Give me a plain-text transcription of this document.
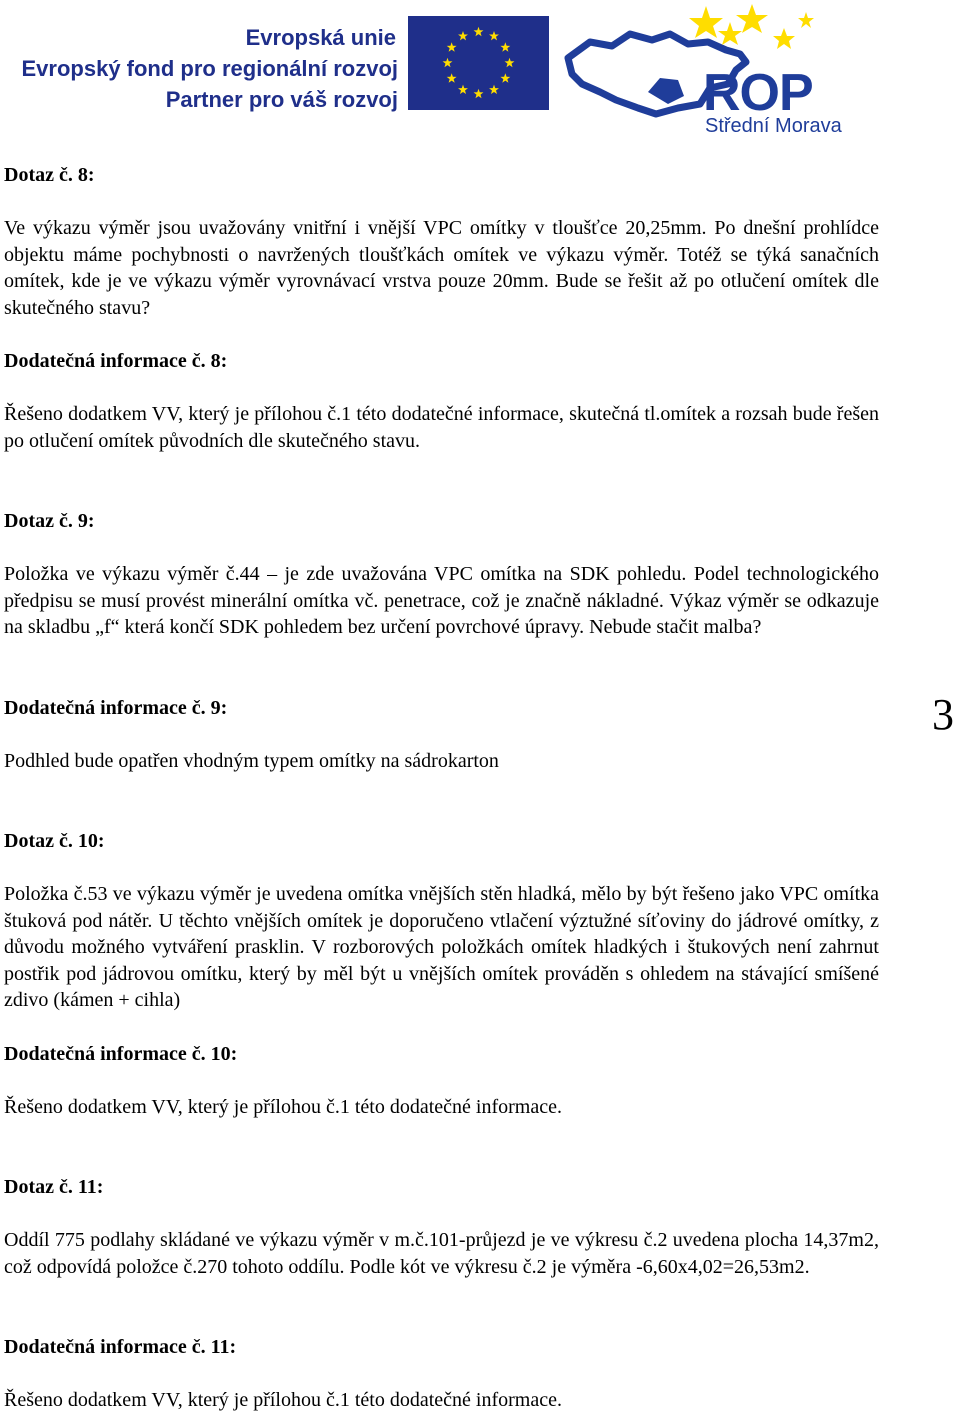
Evropská unie
Evropský fond pro regionální rozvoj
Partner pro váš rozvoj	ROP
Střední Morava
Dotaz č. 8:
Ve výkazu výměr jsou uvažovány vnitřní i vnější VPC omítky v tloušťce 20,25mm. Po dnešní prohlídce objektu máme pochybnosti o navržených tloušťkách omítek ve výkazu výměr. Totéž se týká sanačních omítek, kde je ve výkazu výměr vyrovnávací vrstva pouze 20mm. Bude se řešit až po otlučení omítek dle skutečného stavu?
Dodatečná informace č. 8:
Řešeno dodatkem VV, který je přílohou č.1 této dodatečné informace, skutečná tl.omítek a rozsah bude řešen po otlučení omítek původních dle skutečného stavu.
Dotaz č. 9:
Položka ve výkazu výměr č.44 – je zde uvažována VPC omítka na SDK pohledu. Podel technologického předpisu se musí provést minerální omítka vč. penetrace, což je značně nákladné. Výkaz výměr se odkazuje na skladbu „f“ která končí SDK pohledem bez určení povrchové úpravy. Nebude stačit malba?
Dodatečná informace č. 9:
Podhled bude opatřen vhodným typem omítky na sádrokarton
3
Dotaz č. 10:
Položka č.53 ve výkazu výměr je uvedena omítka vnějších stěn hladká, mělo by být řešeno jako VPC omítka štuková pod nátěr. U těchto vnějších omítek je doporučeno vtlačení výztužné síťoviny do jádrové omítky, z důvodu možného vytváření prasklin. V rozborových položkách omítek hladkých i štukových není zahrnut postřik pod jádrovou omítku, který by měl být u vnějších omítek prováděn s ohledem na stávající smíšené zdivo (kámen + cihla)
Dodatečná informace č. 10:
Řešeno dodatkem VV, který je přílohou č.1 této dodatečné informace.
Dotaz č. 11:
Oddíl 775 podlahy skládané ve výkazu výměr v m.č.101-průjezd je ve výkresu č.2 uvedena plocha 14,37m2, což odpovídá položce č.270 tohoto oddílu. Podle kót ve výkresu č.2 je výměra -6,60x4,02=26,53m2.
Dodatečná informace č. 11:
Řešeno dodatkem VV, který je přílohou č.1 této dodatečné informace.
